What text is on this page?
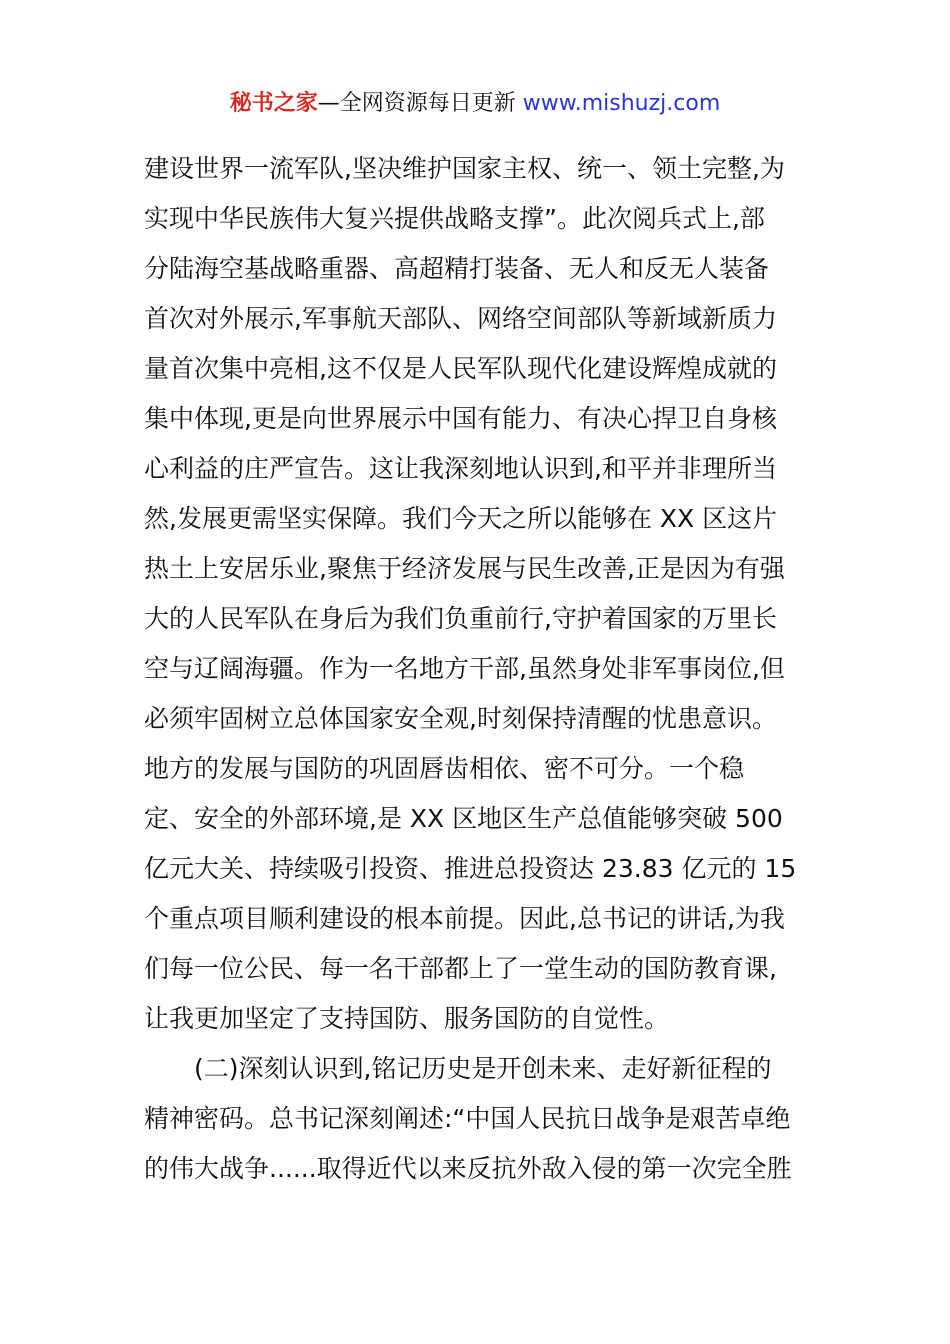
秘书之家—全网资源每日更新 www.mishuzj.com
建设世界一流军队,坚决维护国家主权、统一、领土完整,为
实现中华民族伟大复兴提供战略支撑”。此次阅兵式上,部
分陆海空基战略重器、高超精打装备、无人和反无人装备
首次对外展示,军事航天部队、网络空间部队等新域新质力
量首次集中亮相,这不仅是人民军队现代化建设辉煌成就的
集中体现,更是向世界展示中国有能力、有决心捍卫自身核
心利益的庄严宣告。这让我深刻地认识到,和平并非理所当
然,发展更需坚实保障。我们今天之所以能够在 XX 区这片
热土上安居乐业,聚焦于经济发展与民生改善,正是因为有强
大的人民军队在身后为我们负重前行,守护着国家的万里长
空与辽阔海疆。作为一名地方干部,虽然身处非军事岗位,但
必须牢固树立总体国家安全观,时刻保持清醒的忧患意识。
地方的发展与国防的巩固唇齿相依、密不可分。一个稳
定、安全的外部环境,是 XX 区地区生产总值能够突破 500
亿元大关、持续吸引投资、推进总投资达 23.83 亿元的 15
个重点项目顺利建设的根本前提。因此,总书记的讲话,为我
们每一位公民、每一名干部都上了一堂生动的国防教育课,
让我更加坚定了支持国防、服务国防的自觉性。
(二)深刻认识到,铭记历史是开创未来、走好新征程的
精神密码。总书记深刻阐述:“中国人民抗日战争是艰苦卓绝
的伟大战争......取得近代以来反抗外敌入侵的第一次完全胜
